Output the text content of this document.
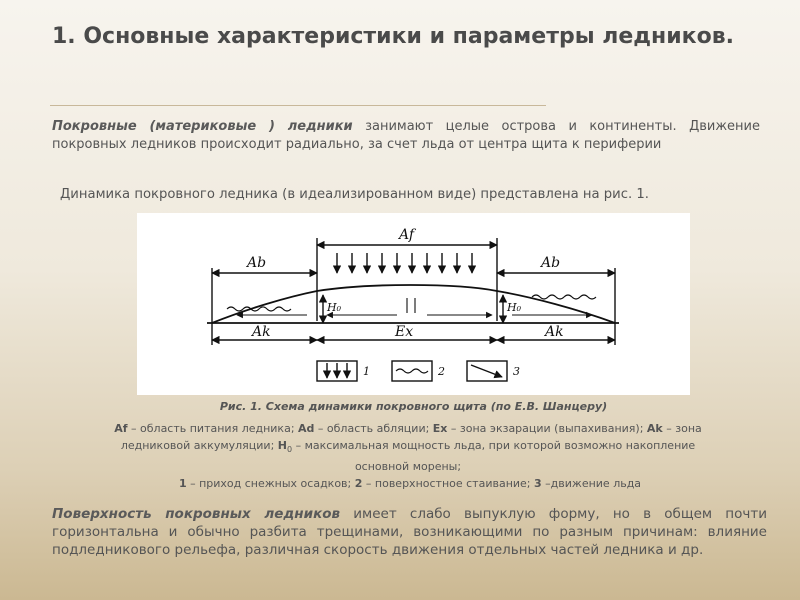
1. Основные характеристики и параметры ледников.

Покровные (материковые ) ледники занимают целые острова и континенты. Движение покровных ледников происходит радиально, за счет льда от центра щита к периферии

Динамика покровного ледника (в идеализированном виде) представлена на рис. 1.

Af
Ab	Ab
Ak	Ex	Ak
H₀	H₀
1	2	3

Рис. 1. Схема динамики покровного щита (по Е.В. Шанцеру)

Af – область питания ледника; Ad – область абляции; Ex – зона экзарации (выпахивания); Ak – зона ледниковой аккумуляции; $H_0$ – максимальная мощность льда, при которой возможно накопление основной морены;

1 – приход снежных осадков; 2 – поверхностное стаивание; 3 –движение льда

Поверхность покровных ледников имеет слабо выпуклую форму, но в общем почти горизонтальна и обычно разбита трещинами, возникающими по разным причинам: влияние подледникового рельефа, различная скорость движения отдельных частей ледника и др.
